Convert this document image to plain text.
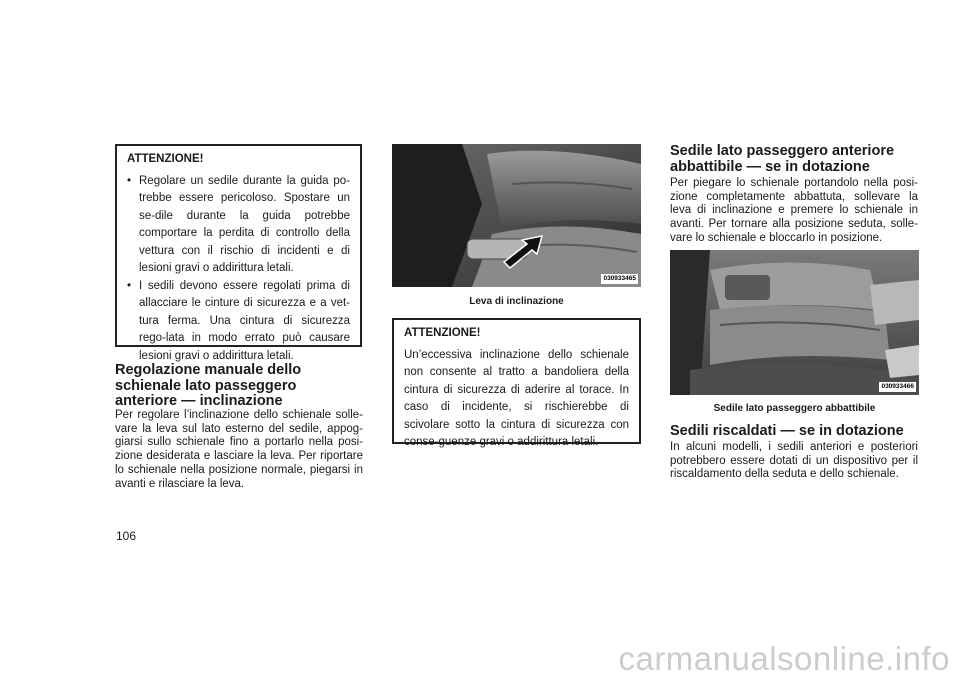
ATTENZIONE!
• Regolare un sedile durante la guida po-trebbe essere pericoloso. Spostare un se-dile durante la guida potrebbe comportare la perdita di controllo della vettura con il rischio di incidenti e di lesioni gravi o addirittura letali.
• I sedili devono essere regolati prima di allacciare le cinture di sicurezza e a vet-tura ferma. Una cintura di sicurezza rego-lata in modo errato può causare lesioni gravi o addirittura letali.
Regolazione manuale dello schienale lato passeggero anteriore — inclinazione

Per regolare l’inclinazione dello schienale solle-vare la leva sul lato esterno del sedile, appog-giarsi sullo schienale fino a portarlo nella posi-zione desiderata e lasciare la leva. Per riportare lo schienale nella posizione normale, piegarsi in avanti e rilasciare la leva.

030933465
Leva di inclinazione
ATTENZIONE!
Un’eccessiva inclinazione dello schienale non consente al tratto a bandoliera della cintura di sicurezza di aderire al torace. In caso di incidente, si rischierebbe di scivolare sotto la cintura di sicurezza con conse-guenze gravi o addirittura letali.
Sedile lato passeggero anteriore abbattibile — se in dotazione

Per piegare lo schienale portandolo nella posi-zione completamente abbattuta, sollevare la leva di inclinazione e premere lo schienale in avanti. Per tornare alla posizione seduta, solle-vare lo schienale e bloccarlo in posizione.

030933466
Sedile lato passeggero abbattibile
Sedili riscaldati — se in dotazione

In alcuni modelli, i sedili anteriori e posteriori potrebbero essere dotati di un dispositivo per il riscaldamento della seduta e dello schienale.

106
carmanualsonline.info
